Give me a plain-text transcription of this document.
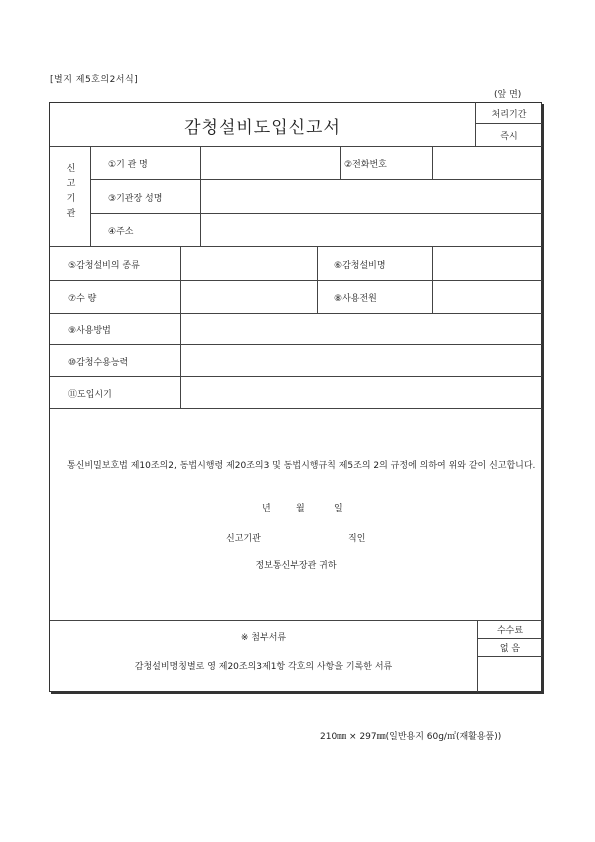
[별지 제5호의2서식]
(앞 면)
감청설비도입신고서
처리기간
즉시
신
고
기
관
①기 관 명	②전화번호
③기관장 성명
④주소
⑤감청설비의 종류	⑥감청설비명
⑦수 량	⑧사용전원
⑨사용방법
⑩감청수용능력
⑪도입시기
통신비밀보호법 제10조의2, 동법시행령 제20조의3 및 동법시행규칙 제5조의 2의 규정에 의하여 위와 같이 신고합니다.
년	월	일
신고기관	직인
정보통신부장관 귀하
※ 첨부서류
감청설비명칭별로 영 제20조의3제1항 각호의 사항을 기록한 서류
수수료
없 음
210㎜ × 297㎜(일반용지 60g/㎡(재활용품))
